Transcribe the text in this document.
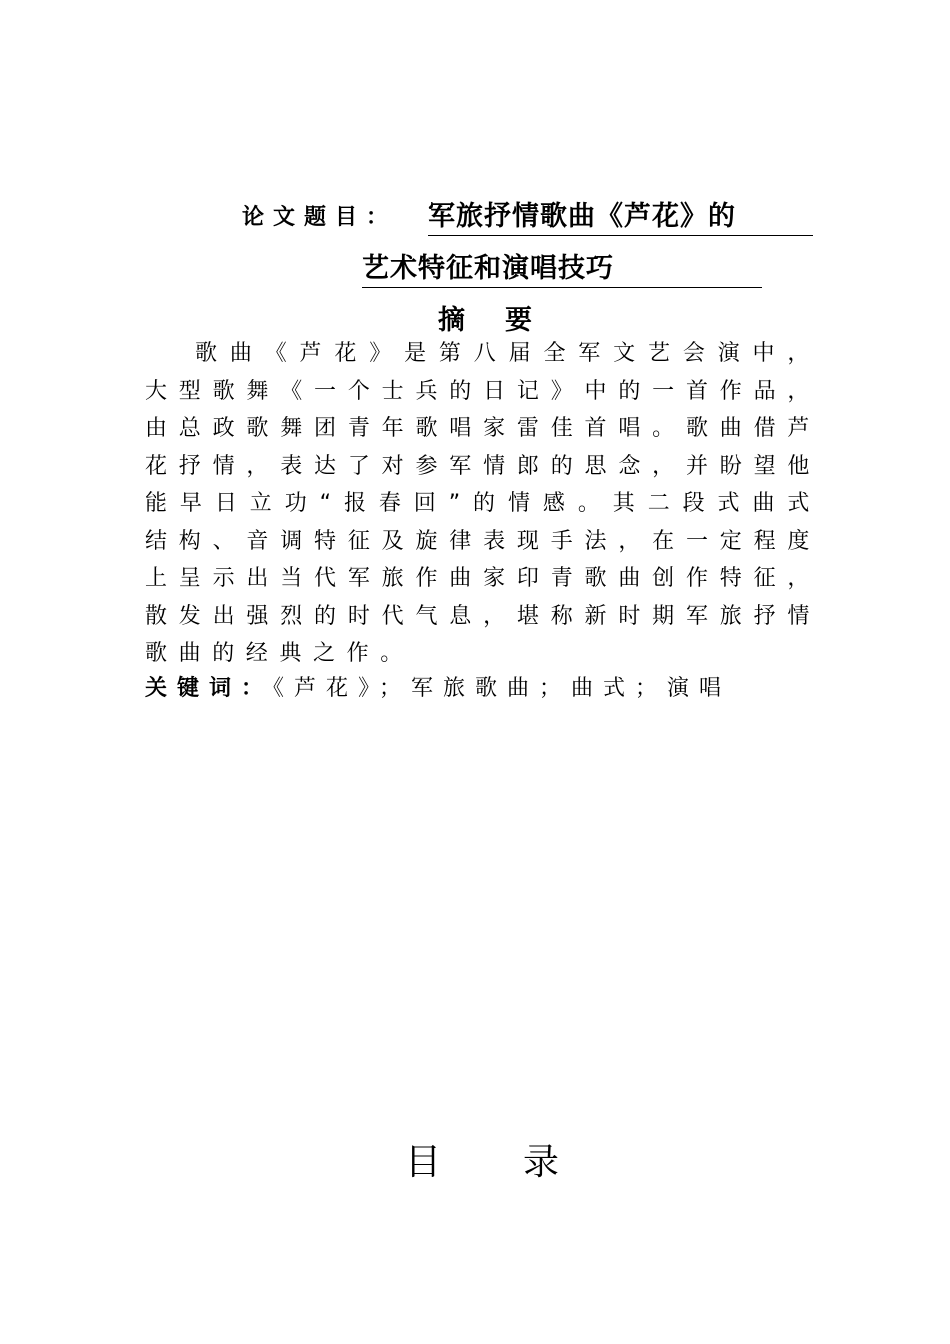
论文题目： 军旅抒情歌曲《芦花》的
艺术特征和演唱技巧
摘要
歌曲《芦花》是第八届全军文艺会演中，大型歌舞《一个士兵的日记》中的一首作品，由总政歌舞团青年歌唱家雷佳首唱。歌曲借芦花抒情，表达了对参军情郎的思念，并盼望他能早日立功“报春回”的情感。其二段式曲式结构、音调特征及旋律表现手法，在一定程度上呈示出当代军旅作曲家印青歌曲创作特征，散发出强烈的时代气息，堪称新时期军旅抒情歌曲的经典之作。
关键词：《芦花》；军旅歌曲；曲式；演唱
目录
